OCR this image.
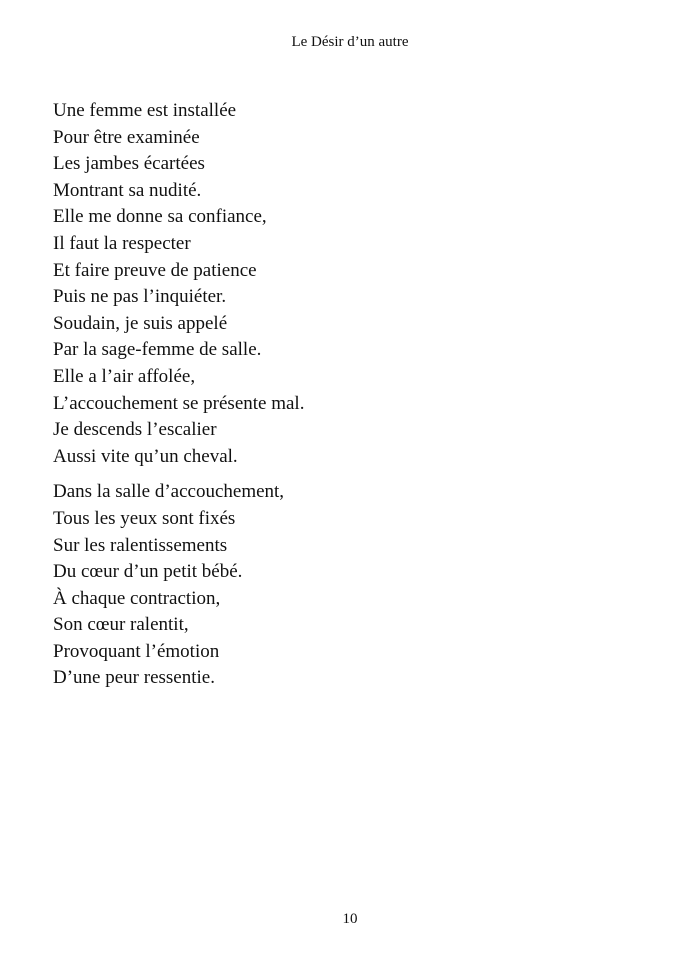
Le Désir d’un autre
Une femme est installée
Pour être examinée
Les jambes écartées
Montrant sa nudité.
Elle me donne sa confiance,
Il faut la respecter
Et faire preuve de patience
Puis ne pas l’inquiéter.
Soudain, je suis appelé
Par la sage-femme de salle.
Elle a l’air affolée,
L’accouchement se présente mal.
Je descends l’escalier
Aussi vite qu’un cheval.
Dans la salle d’accouchement,
Tous les yeux sont fixés
Sur les ralentissements
Du cœur d’un petit bébé.
À chaque contraction,
Son cœur ralentit,
Provoquant l’émotion
D’une peur ressentie.
10
